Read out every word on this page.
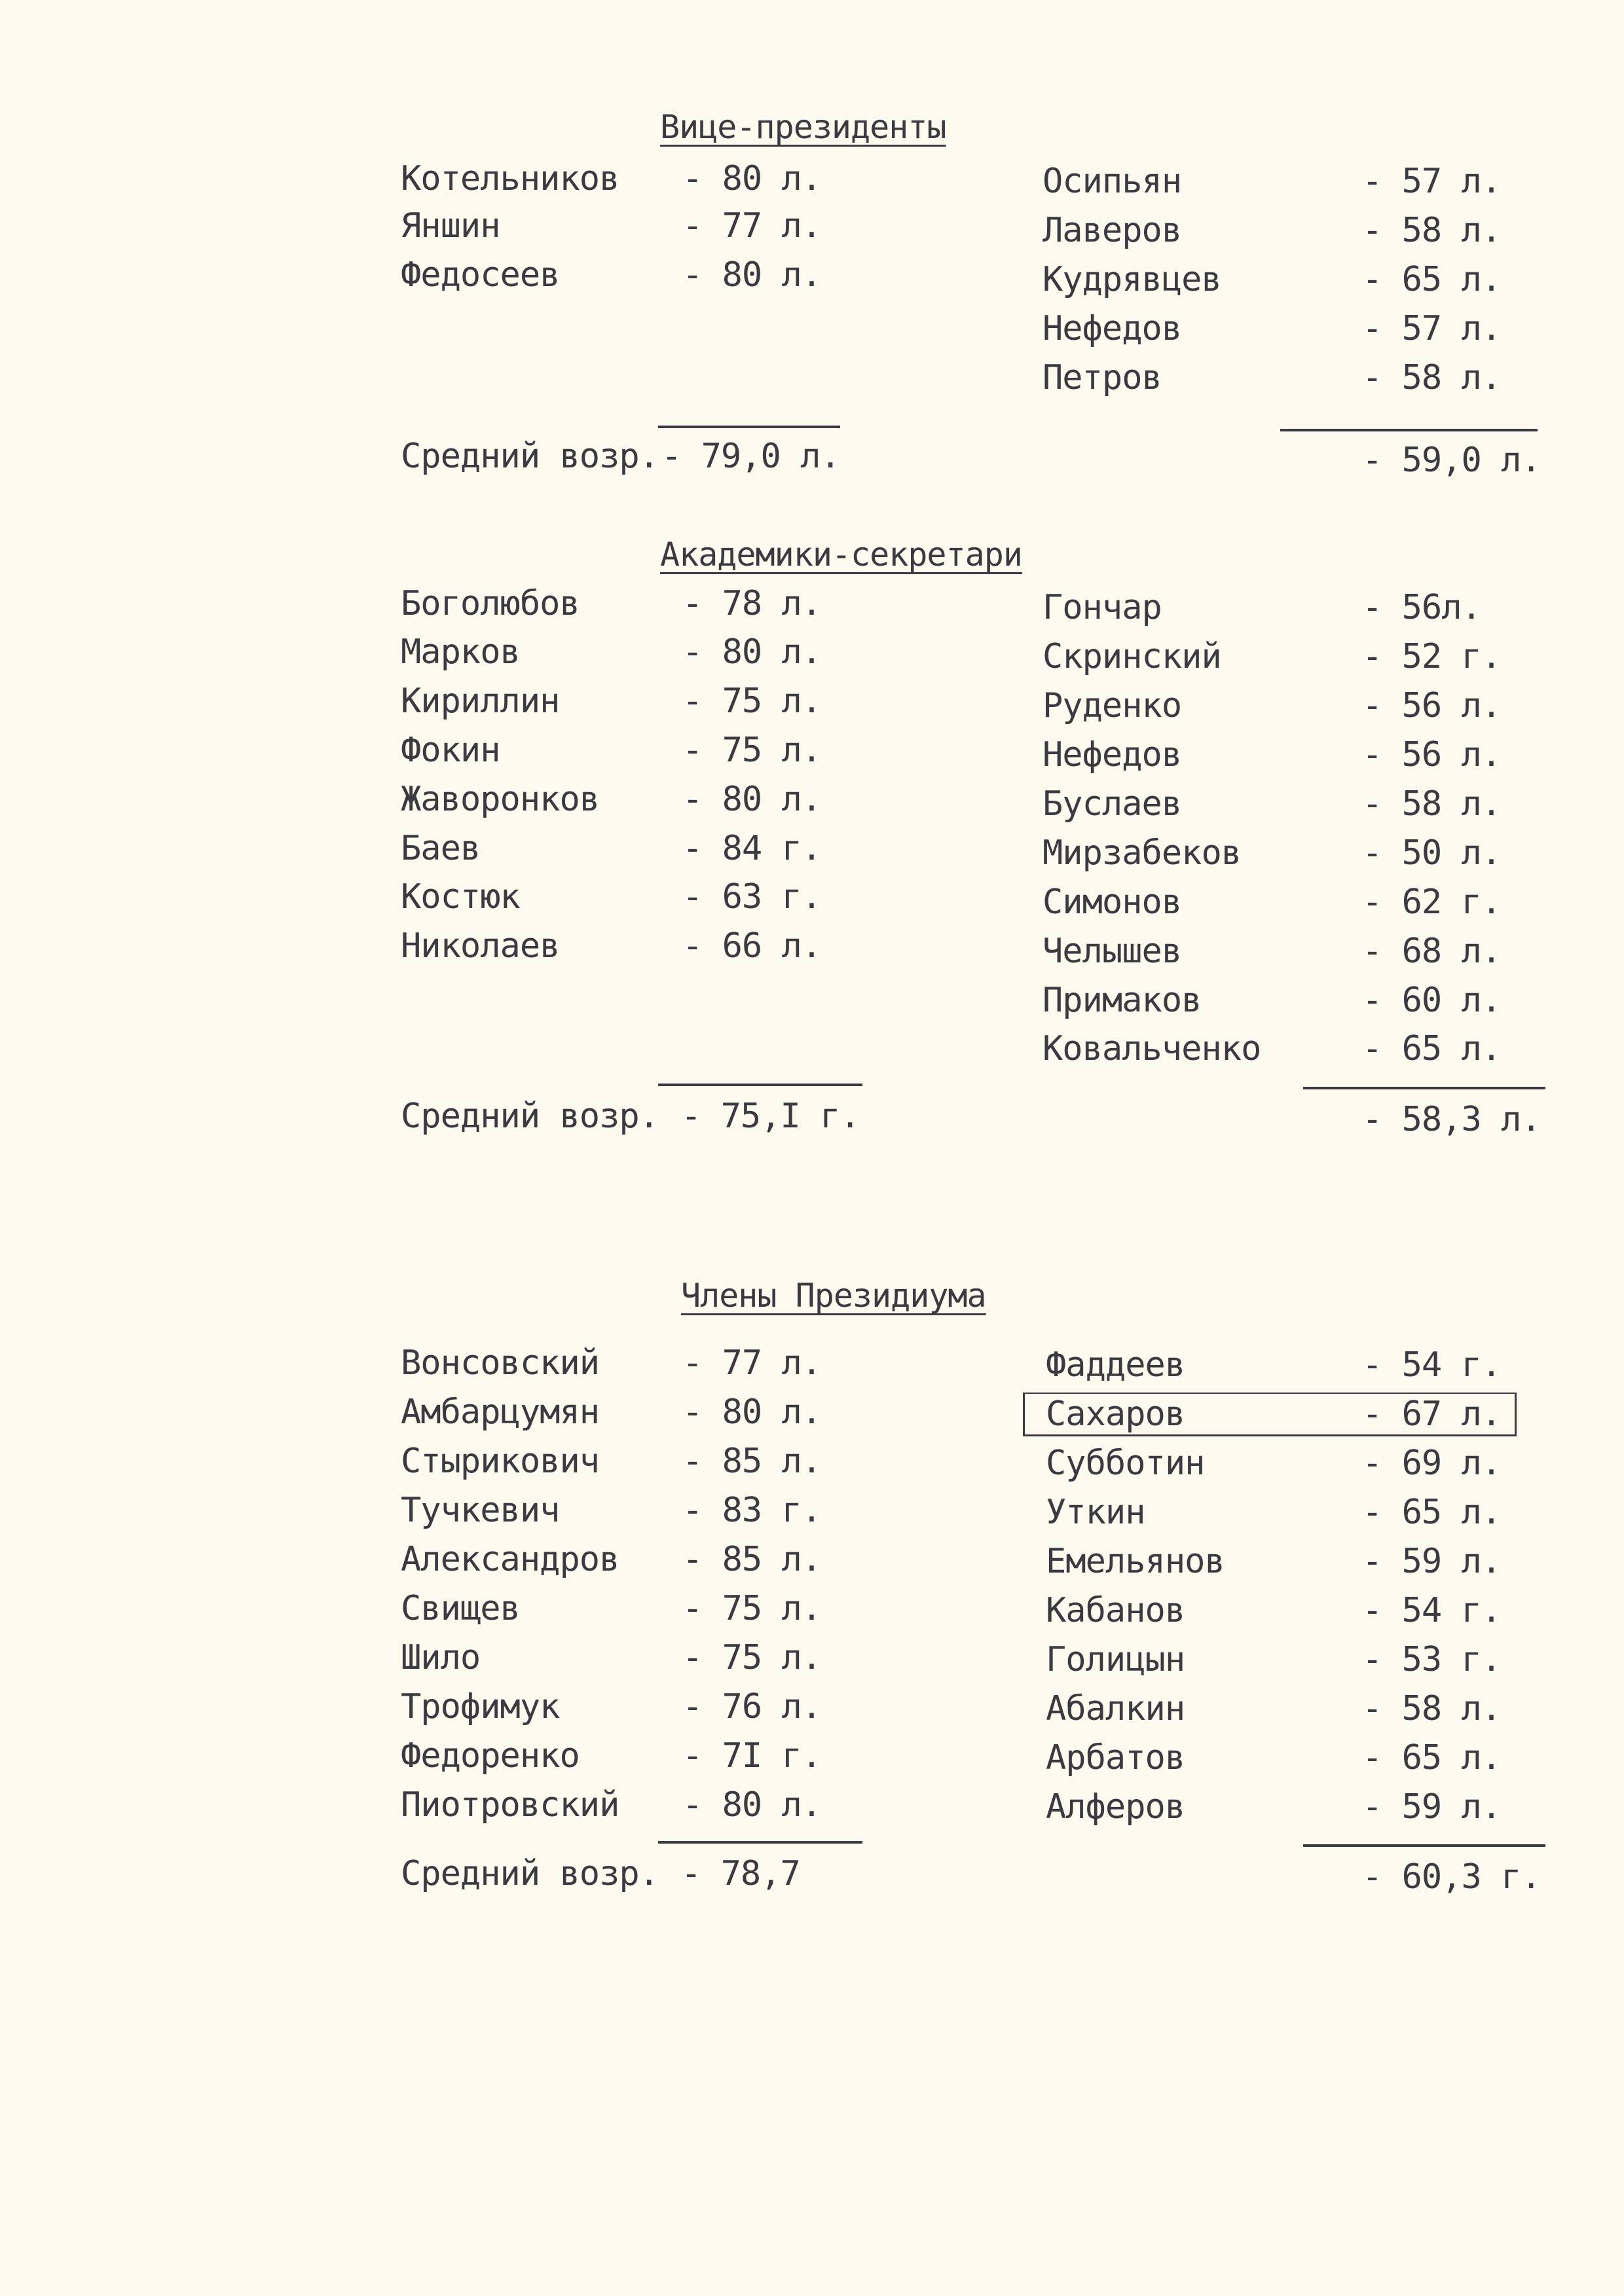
Вице-президенты
Котельников - 80 л.
Яншин	- 77 л.
Федосеев	- 80 л.
Осипьян	- 57 л.
Лаверов	- 58 л.
Кудрявцев	- 65 л.
Нефедов	- 57 л.
Петров	- 58 л.
Средний возр. - 79,0 л.	- 59,0 л.
Академики-секретари
Боголюбов	- 78 л.
Марков	- 80 л.
Кириллин	- 75 л.
Фокин	- 75 л.
Жаворонков - 80 л.
Баев	- 84 г.
Костюк	- 63 г.
Николаев	- 66 л.
Гончар	- 56л.
Скринский	- 52 г.
Руденко	- 56 л.
Нефедов	- 56 л.
Буслаев	- 58 л.
Мирзабеков	- 50 л.
Симонов	- 62 г.
Челышев	- 68 л.
Примаков	- 60 л.
Ковальченко	- 65 л.
Средний возр. - 75,I г.	- 58,3 л.
Члены Президиума
Вонсовский - 77 л.
Амбарцумян - 80 л.
Стырикович - 85 л.
Тучкевич	- 83 г.
Александров - 85 л.
Свищев	- 75 л.
Шило	- 75 л.
Трофимук	- 76 л.
Федоренко	- 7I г.
Пиотровский - 80 л.
Фаддеев	- 54 г.
Сахаров	- 67 л.
Субботин	- 69 л.
Уткин	- 65 л.
Емельянов	- 59 л.
Кабанов	- 54 г.
Голицын	- 53 г.
Абалкин	- 58 л.
Арбатов	- 65 л.
Алферов	- 59 л.
Средний возр. - 78,7	- 60,3 г.
